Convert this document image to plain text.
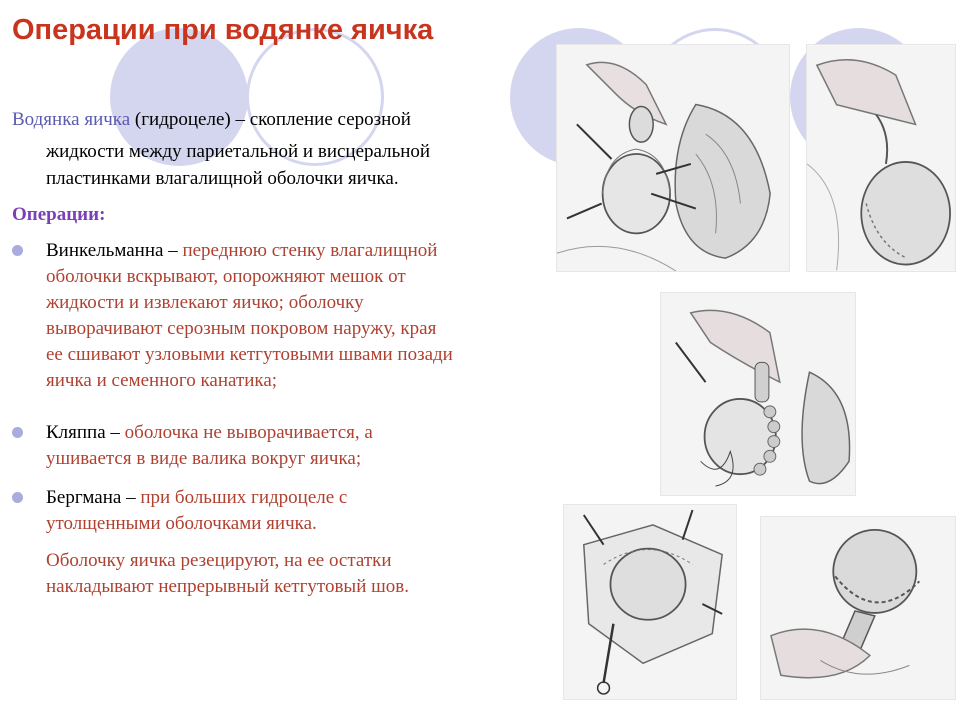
Операции при водянке яичка
Водянка яичка (гидроцеле) – скопление серозной
жидкости между париетальной и висцеральной
пластинками влагалищной оболочки яичка.
Операции:
Винкельманна – переднюю стенку влагалищной
оболочки вскрывают, опорожняют мешок от
жидкости и извлекают яичко; оболочку
выворачивают серозным покровом наружу, края
ее сшивают узловыми кетгутовыми швами позади
яичка и семенного канатика;
Кляппа – оболочка не выворачивается, а
ушивается в виде валика вокруг яичка;
Бергмана – при больших гидроцеле с
утолщенными оболочками яичка.
Оболочку яичка резецируют, на ее остатки
накладывают непрерывный кетгутовый шов.
